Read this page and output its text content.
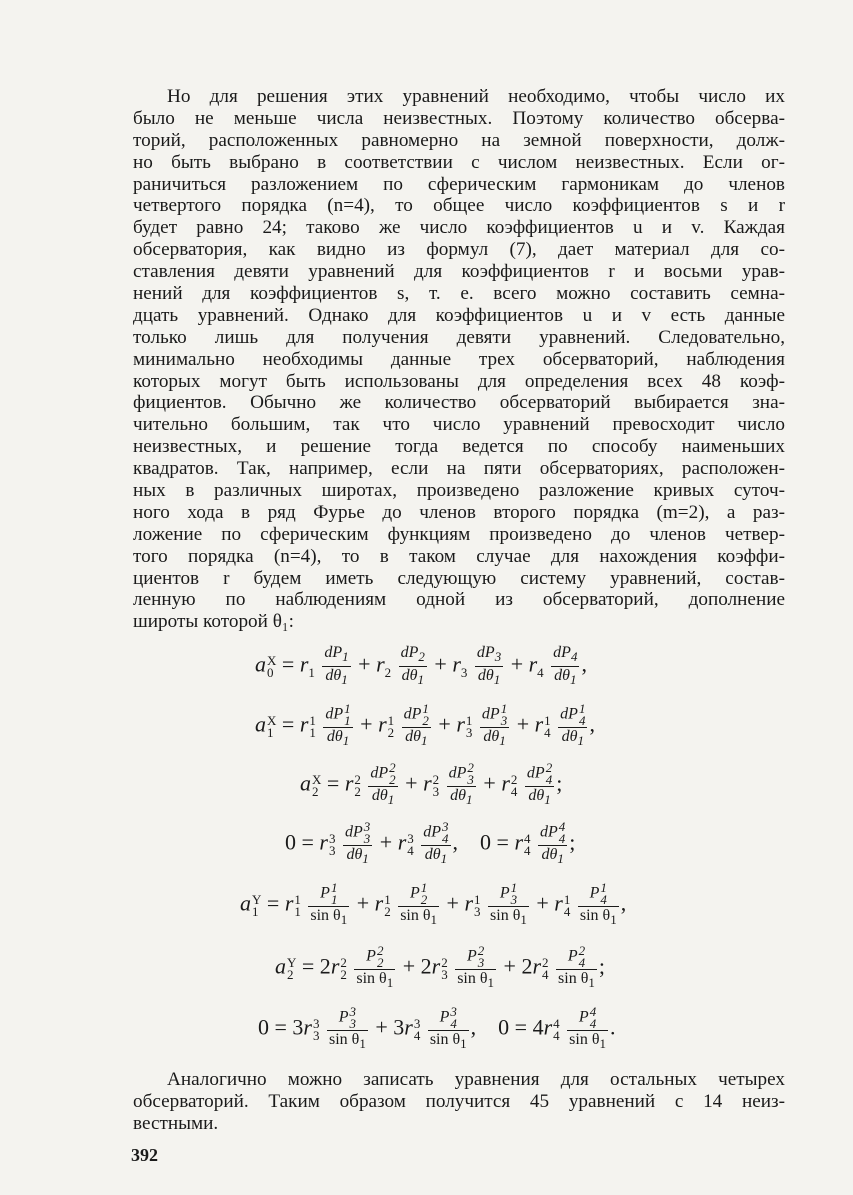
Но для решения этих уравнений необходимо, чтобы число их
было не меньше числа неизвестных. Поэтому количество обсерва-
торий, расположенных равномерно на земной поверхности, долж-
но быть выбрано в соответствии с числом неизвестных. Если ог-
раничиться разложением по сферическим гармоникам до членов
четвертого порядка (n=4), то общее число коэффициентов s и r
будет равно 24; таково же число коэффициентов u и v. Каждая
обсерватория, как видно из формул (7), дает материал для со-
ставления девяти уравнений для коэффициентов r и восьми урав-
нений для коэффициентов s, т. е. всего можно составить семна-
дцать уравнений. Однако для коэффициентов u и v есть данные
только лишь для получения девяти уравнений. Следовательно,
минимально необходимы данные трех обсерваторий, наблюдения
которых могут быть использованы для определения всех 48 коэф-
фициентов. Обычно же количество обсерваторий выбирается зна-
чительно большим, так что число уравнений превосходит число
неизвестных, и решение тогда ведется по способу наименьших
квадратов. Так, например, если на пяти обсерваториях, расположен-
ных в различных широтах, произведено разложение кривых суточ-
ного хода в ряд Фурье до членов второго порядка (m=2), а раз-
ложение по сферическим функциям произведено до членов четвер-
того порядка (n=4), то в таком случае для нахождения коэффи-
циентов r будем иметь следующую систему уравнений, состав-
ленную по наблюдениям одной из обсерваторий, дополнение
широты которой θ₁:
a X
$0 = r_1 \frac{dP_1}{d\theta_1} + r_2 \frac{dP_2}{d\theta_1} + r_3 \frac{dP_3}{d\theta_1} + r_4 \frac{dP_4}{d\theta_1}$ ,
a X
1 = r 1
1
dP 1
1
$d\theta_1 + r$ 1
2
dP 1
2
$d\theta_1 + r$ 1
3
dP 1
3
$d\theta_1 + r$ 1
4
dP 1
4
$d\theta_1$ ,
a X
2 = r 2
2
dP 2
2
$d\theta_1 + r$ 2
3
dP 2
3
$d\theta_1 + r$ 2
4
dP 2
4
$d\theta_1$ ;
0 = r 3
3
dP 3
3
$d\theta_1 + r$ 3
4
dP 3
4
$d\theta_1$ ,    0 = r 4
4
dP 4
4
$d\theta_1$ ;
a Y
1 = r 1
1
P 1
1
$\sin \theta_1 + r$ 1
2
P 1
2
$\sin \theta_1 + r$ 1
3
P 1
3
$\sin \theta_1 + r$ 1
4
P 1
4
$\sin \theta_1$ ,
a Y
2 = 2r 2
2
P 2
2
$\sin \theta_1 + 2r$ 2
3
P 2
3
$\sin \theta_1 + 2r$ 2
4
P 2
4
$\sin \theta_1$ ;
0 = 3r 3
3
P 3
3
$\sin \theta_1 + 3r$ 3
4
P 3
4
$\sin \theta_1$ ,    0 = 4r 4
4
P 4
4
$\sin \theta_1$ .
Аналогично можно записать уравнения для остальных четырех
обсерваторий. Таким образом получится 45 уравнений с 14 неиз-
вестными.
392
